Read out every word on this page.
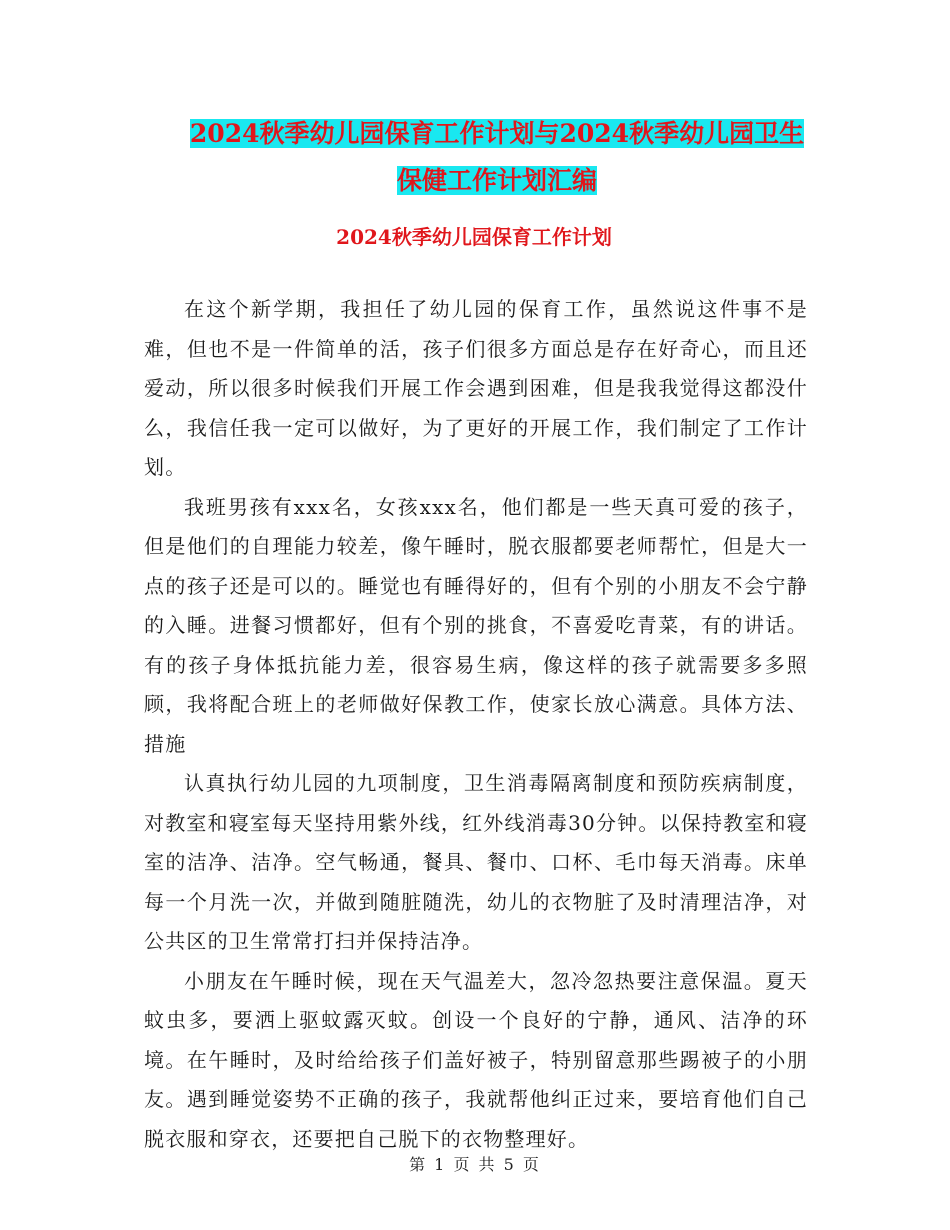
2024秋季幼儿园保育工作计划与2024秋季幼儿园卫生
保健工作计划汇编
2024秋季幼儿园保育工作计划

在这个新学期，我担任了幼儿园的保育工作，虽然说这件事不是难，但也不是一件简单的活，孩子们很多方面总是存在好奇心，而且还爱动，所以很多时候我们开展工作会遇到困难，但是我我觉得这都没什么，我信任我一定可以做好，为了更好的开展工作，我们制定了工作计划。

我班男孩有xxx名，女孩xxx名，他们都是一些天真可爱的孩子，但是他们的自理能力较差，像午睡时，脱衣服都要老师帮忙，但是大一点的孩子还是可以的。睡觉也有睡得好的，但有个别的小朋友不会宁静的入睡。进餐习惯都好，但有个别的挑食，不喜爱吃青菜，有的讲话。有的孩子身体抵抗能力差，很容易生病，像这样的孩子就需要多多照顾，我将配合班上的老师做好保教工作，使家长放心满意。具体方法、措施

认真执行幼儿园的九项制度，卫生消毒隔离制度和预防疾病制度，对教室和寝室每天坚持用紫外线，红外线消毒30分钟。以保持教室和寝室的洁净、洁净。空气畅通，餐具、餐巾、口杯、毛巾每天消毒。床单每一个月洗一次，并做到随脏随洗，幼儿的衣物脏了及时清理洁净，对公共区的卫生常常打扫并保持洁净。

小朋友在午睡时候，现在天气温差大，忽冷忽热要注意保温。夏天蚊虫多，要洒上驱蚊露灭蚊。创设一个良好的宁静，通风、洁净的环境。在午睡时，及时给给孩子们盖好被子，特别留意那些踢被子的小朋友。遇到睡觉姿势不正确的孩子，我就帮他纠正过来，要培育他们自己脱衣服和穿衣，还要把自己脱下的衣物整理好。

第 1 页 共 5 页
